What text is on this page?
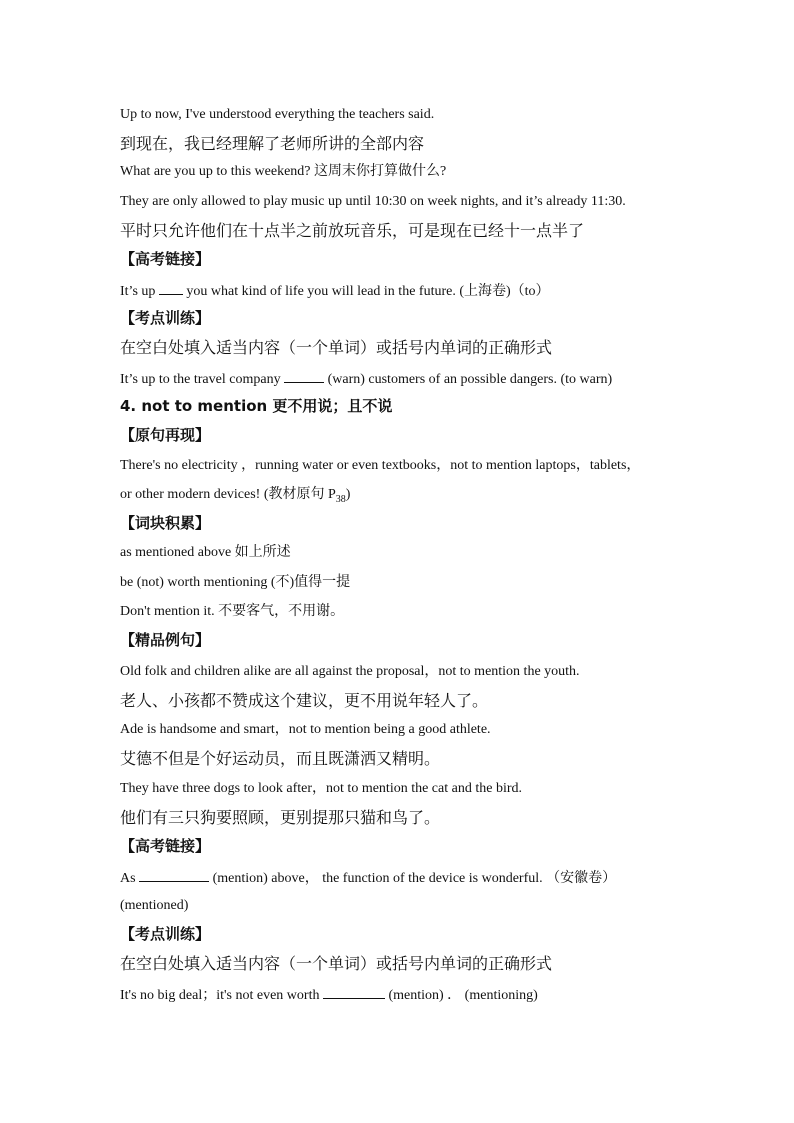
Up to now, I've understood everything the teachers said.
到现在，我已经理解了老师所讲的全部内容
What are you up to this weekend? 这周末你打算做什么?
They are only allowed to play music up until 10:30 on week nights, and it’s already 11:30.
平时只允许他们在十点半之前放玩音乐，可是现在已经十一点半了
【高考链接】
It’s up you what kind of life you will lead in the future. (上海卷)（to）
【考点训练】
在空白处填入适当内容（一个单词）或括号内单词的正确形式
It’s up to the travel company	(warn) customers of an possible dangers. (to warn)
4. not to mention 更不用说；且不说
【原句再现】
There's no electricity ，running water or even textbooks，not to mention laptops，tablets，
or other modern devices! (教材原句 $P_{38}$)
【词块积累】
as mentioned above 如上所述
be (not) worth mentioning (不)值得一提
Don't mention it. 不要客气，不用谢。
【精品例句】
Old folk and children alike are all against the proposal，not to mention the youth.
老人、小孩都不赞成这个建议，更不用说年轻人了。
Ade is handsome and smart，not to mention being a good athlete.
艾德不但是个好运动员，而且既潇洒又精明。
They have three dogs to look after，not to mention the cat and the bird.
他们有三只狗要照顾，更别提那只猫和鸟了。
【高考链接】
As	(mention) above， the function of the device is wonderful. （安徽卷）
(mentioned)
【考点训练】
在空白处填入适当内容（一个单词）或括号内单词的正确形式
It's no big deal；it's not even worth	(mention) ． (mentioning)
